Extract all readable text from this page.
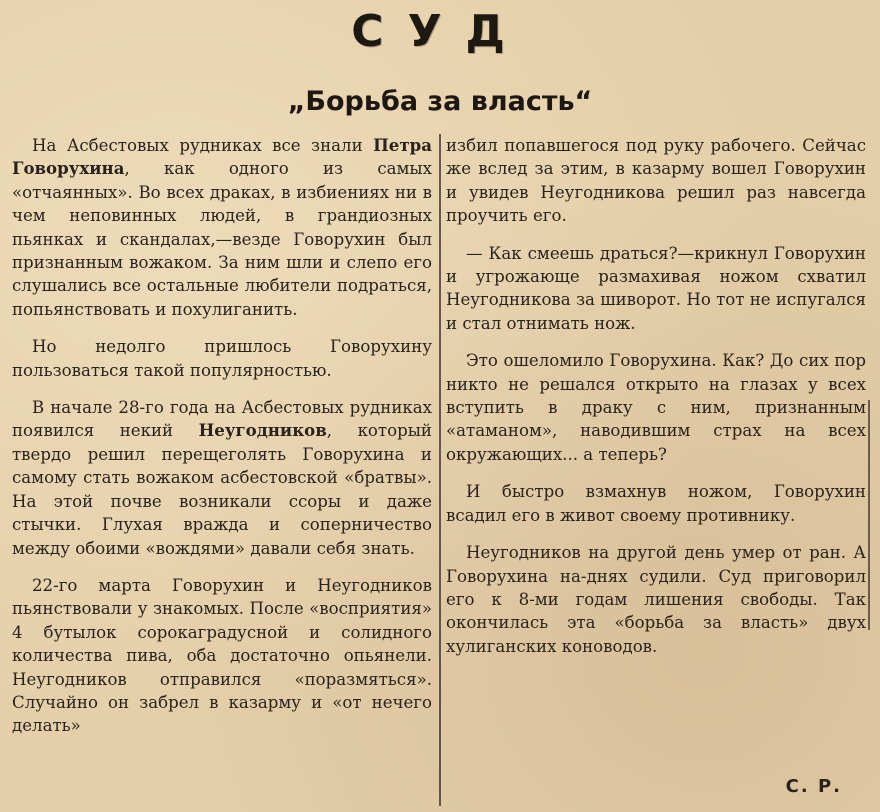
СУД
„Борьба за власть“

На Асбестовых рудниках все знали Петра Говорухина, как одного из самых «отчаянных». Во всех драках, в избиениях ни в чем неповинных людей, в грандиозных пьянках и скандалах,—везде Говорухин был признанным вожаком. За ним шли и слепо его слушались все остальные любители подраться, попьянствовать и похулиганить.

Но недолго пришлось Говорухину пользоваться такой популярностью.

В начале 28-го года на Асбестовых рудниках появился некий Неугодников, который твердо решил перещеголять Говорухина и самому стать вожаком асбестовской «братвы». На этой почве возникали ссоры и даже стычки. Глухая вражда и соперничество между обоими «вождями» давали себя знать.

22-го марта Говорухин и Неугодников пьянствовали у знакомых. После «восприятия» 4 бутылок сорокаградусной и солидного количества пива, оба достаточно опьянели. Неугодников отправился «поразмяться». Случайно он забрел в казарму и «от нечего делать»

избил попавшегося под руку рабочего. Сейчас же вслед за этим, в казарму вошел Говорухин и увидев Неугодникова решил раз навсегда проучить его.

— Как смеешь драться?—крикнул Говорухин и угрожающе размахивая ножом схватил Неугодникова за шиворот. Но тот не испугался и стал отнимать нож.

Это ошеломило Говорухина. Как? До сих пор никто не решался открыто на глазах у всех вступить в драку с ним, признанным «атаманом», наводившим страх на всех окружающих... а теперь?

И быстро взмахнув ножом, Говорухин всадил его в живот своему противнику.

Неугодников на другой день умер от ран. А Говорухина на-днях судили. Суд приговорил его к 8-ми годам лишения свободы. Так окончилась эта «борьба за власть» двух хулиганских коноводов.

С. Р.
